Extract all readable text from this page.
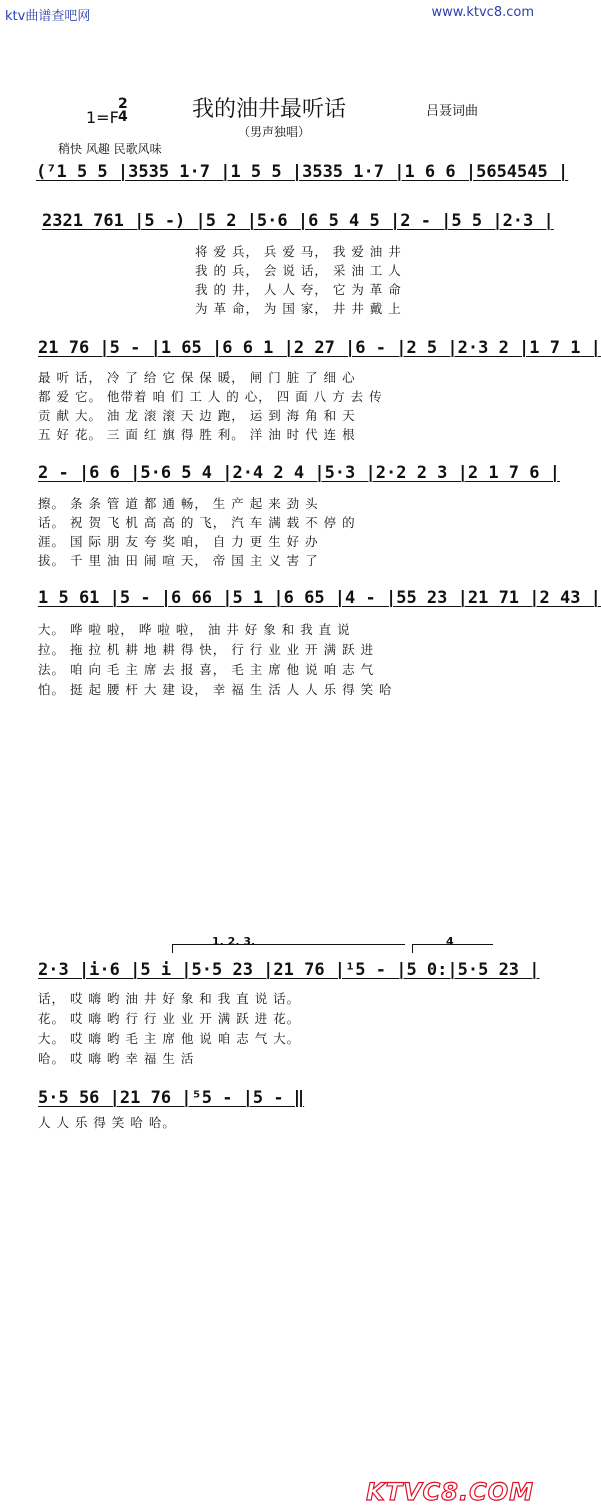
ktv曲谱查吧网	www.ktvc8.com
1=F
2
4	我的油井最听话
（男声独唱）
吕聂词曲
稍快 风趣 民歌风味
(⁷1 5 5 |3535 1·7 |1 5 5 |3535 1·7 |1 6 6 |5654545 |
2321 761 |5 -) |5 2 |5·6 |6 5 4 5 |2 - |5 5 |2·3 |
将 爱 兵， 兵 爱 马， 我 爱 油 井
我 的 兵， 会 说 话， 采 油 工 人
我 的 井， 人 人 夸， 它 为 革 命
为 革 命， 为 国 家， 井 井 戴 上
21 76 |5 - |1 65 |6 6 1 |2 27 |6 - |2 5 |2·3 2 |1 7 1 |
最 听 话， 冷 了 给 它 保 保 暖， 闸 门 脏 了 细 心
都 爱 它。 他带着 咱 们 工 人 的 心， 四 面 八 方 去 传
贡 献 大。 油 龙 滚 滚 天 边 跑， 运 到 海 角 和 天
五 好 花。 三 面 红 旗 得 胜 利。 洋 油 时 代 连 根
2 - |6 6 |5·6 5 4 |2·4 2 4 |5·3 |2·2 2 3 |2 1 7 6 |
擦。 条 条 管 道 都 通 畅， 生 产 起 来 劲 头
话。 祝 贺 飞 机 高 高 的 飞， 汽 车 满 载 不 停 的
涯。 国 际 朋 友 夸 奖 咱， 自 力 更 生 好 办
拔。 千 里 油 田 闹 喧 天， 帝 国 主 义 害 了
1 5 61 |5 - |6 66 |5 1 |6 65 |4 - |55 23 |21 71 |2 43 |
大。 哗 啦 啦， 哗 啦 啦， 油 井 好 象 和 我 直 说
拉。 拖 拉 机 耕 地 耕 得 快， 行 行 业 业 开 满 跃 进
法。 咱 向 毛 主 席 去 报 喜， 毛 主 席 他 说 咱 志 气
怕。 挺 起 腰 杆 大 建 设， 幸 福 生 活 人 人 乐 得 笑 哈
1. 2. 3.	4
2·3 |i·6 |5 i |5·5 23 |21 76 |¹5 - |5 0:|5·5 23 |
话， 哎 嗨 哟 油 井 好 象 和 我 直 说 话。
花。 哎 嗨 哟 行 行 业 业 开 满 跃 进 花。
大。 哎 嗨 哟 毛 主 席 他 说 咱 志 气 大。
哈。 哎 嗨 哟 幸 福 生 活
5·5 56 |21 76 |⁵5 - |5 - ‖
人 人 乐 得 笑 哈 哈。
KTVC8.COM
